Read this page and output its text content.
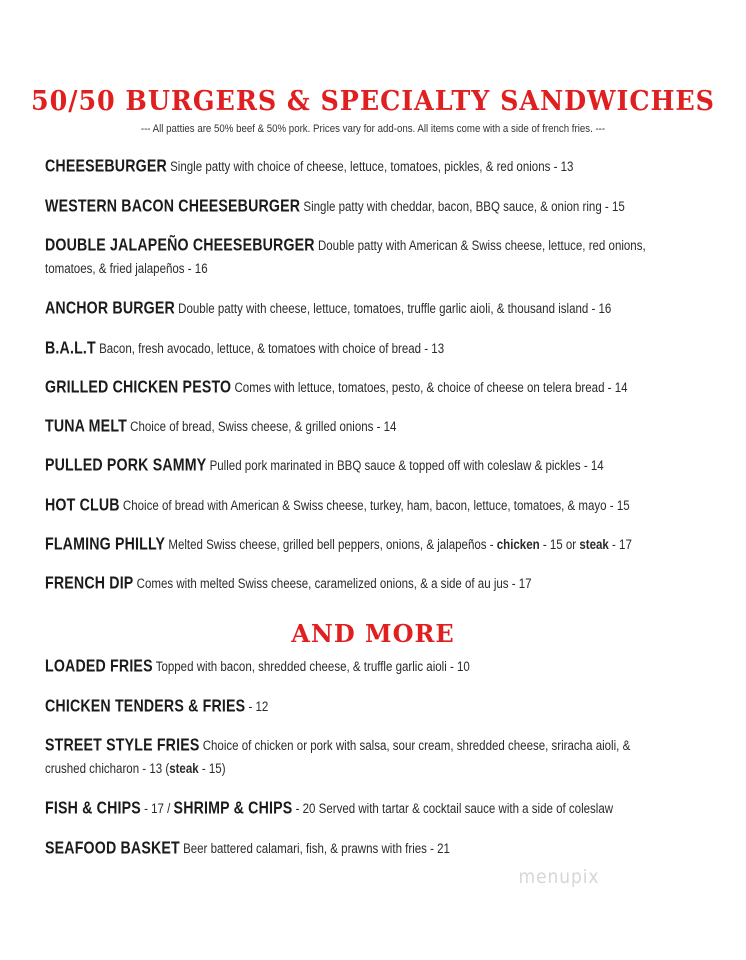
50/50 BURGERS & SPECIALTY SANDWICHES
--- All patties are 50% beef & 50% pork. Prices vary for add-ons. All items come with a side of french fries. ---

CHEESEBURGER Single patty with choice of cheese, lettuce, tomatoes, pickles, & red onions - 13

WESTERN BACON CHEESEBURGER Single patty with cheddar, bacon, BBQ sauce, & onion ring - 15

DOUBLE JALAPEÑO CHEESEBURGER Double patty with American & Swiss cheese, lettuce, red onions,
tomatoes, & fried jalapeños - 16

ANCHOR BURGER Double patty with cheese, lettuce, tomatoes, truffle garlic aioli, & thousand island - 16

B.A.L.T Bacon, fresh avocado, lettuce, & tomatoes with choice of bread - 13

GRILLED CHICKEN PESTO Comes with lettuce, tomatoes, pesto, & choice of cheese on telera bread - 14

TUNA MELT Choice of bread, Swiss cheese, & grilled onions - 14

PULLED PORK SAMMY Pulled pork marinated in BBQ sauce & topped off with coleslaw & pickles - 14

HOT CLUB Choice of bread with American & Swiss cheese, turkey, ham, bacon, lettuce, tomatoes, & mayo - 15

FLAMING PHILLY Melted Swiss cheese, grilled bell peppers, onions, & jalapeños - chicken - 15 or steak - 17

FRENCH DIP Comes with melted Swiss cheese, caramelized onions, & a side of au jus - 17

AND MORE

LOADED FRIES Topped with bacon, shredded cheese, & truffle garlic aioli - 10

CHICKEN TENDERS & FRIES - 12

STREET STYLE FRIES Choice of chicken or pork with salsa, sour cream, shredded cheese, sriracha aioli, &
crushed chicharon - 13 (steak - 15)

FISH & CHIPS - 17 / SHRIMP & CHIPS - 20 Served with tartar & cocktail sauce with a side of coleslaw

SEAFOOD BASKET Beer battered calamari, fish, & prawns with fries - 21

menupix
